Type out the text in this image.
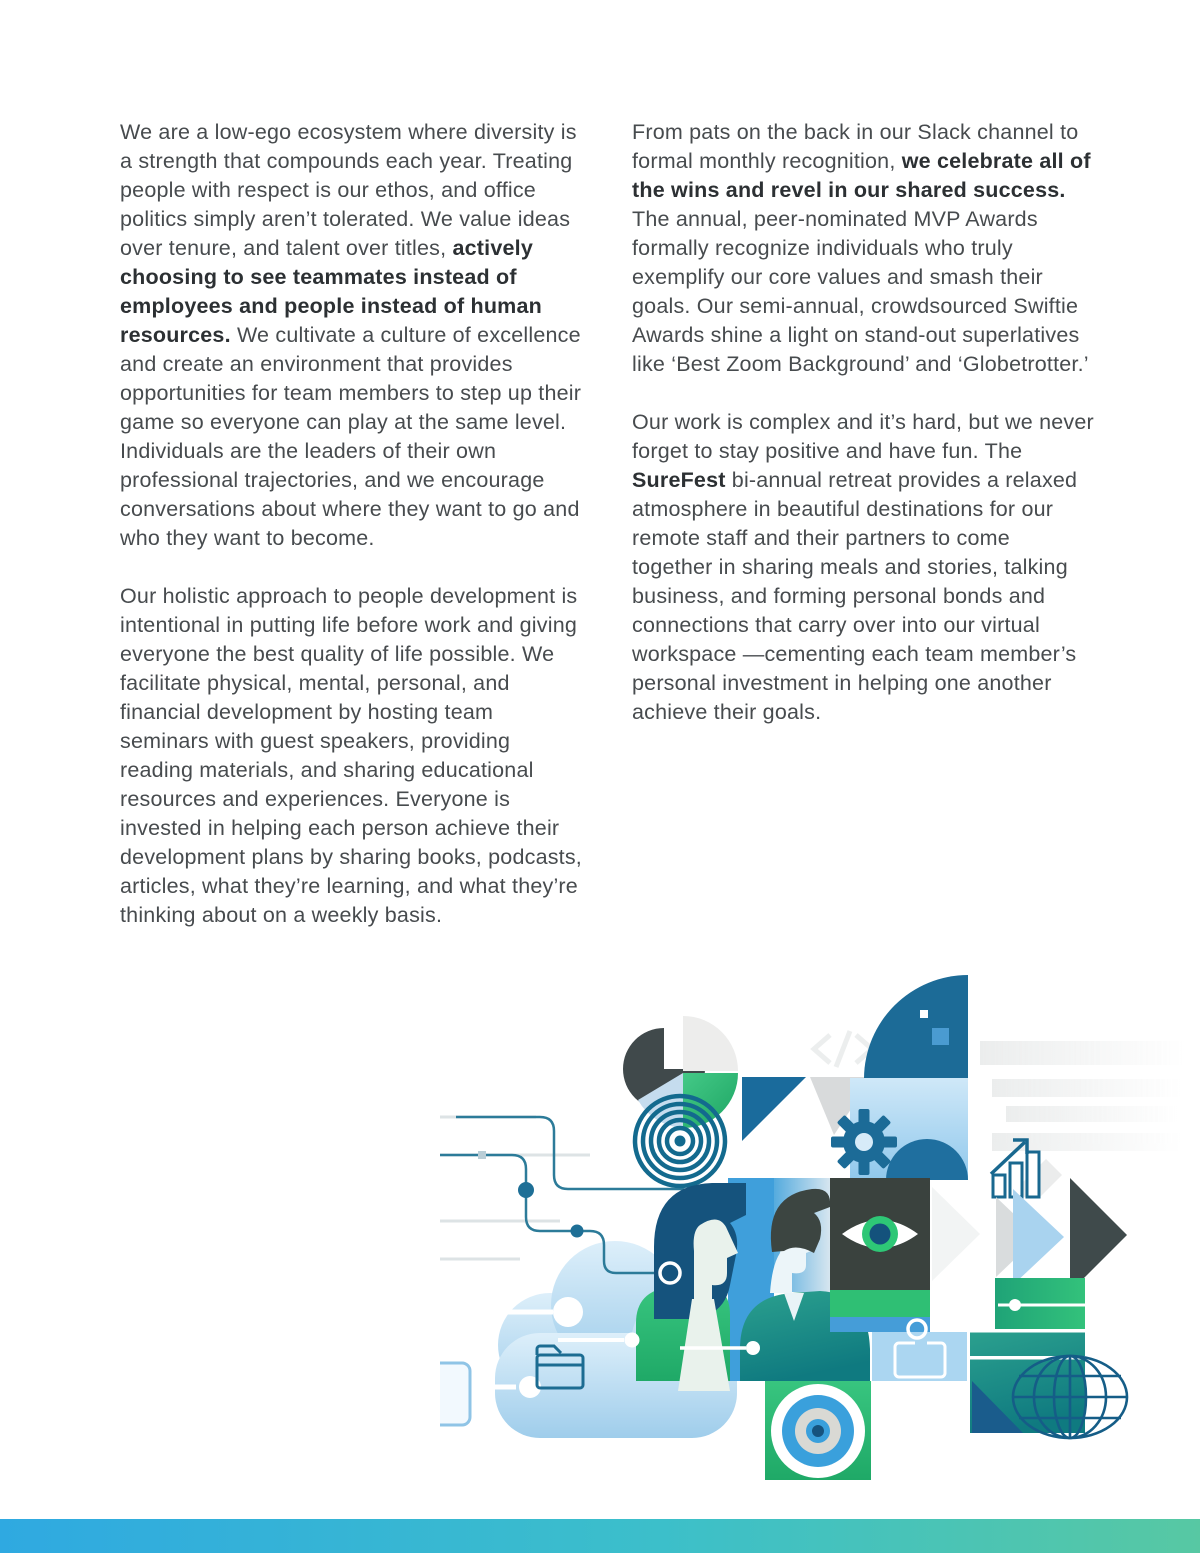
We are a low-ego ecosystem where diversity is a strength that compounds each year. Treating people with respect is our ethos, and office politics simply aren’t tolerated. We value ideas over tenure, and talent over titles, actively choosing to see teammates instead of employees and people instead of human resources. We cultivate a culture of excellence and create an environment that provides opportunities for team members to step up their game so everyone can play at the same level. Individuals are the leaders of their own professional trajectories, and we encourage conversations about where they want to go and who they want to become.

Our holistic approach to people development is intentional in putting life before work and giving everyone the best quality of life possible. We facilitate physical, mental, personal, and financial development by hosting team seminars with guest speakers, providing reading materials, and sharing educational resources and experiences. Everyone is invested in helping each person achieve their development plans by sharing books, podcasts, articles, what they’re learning, and what they’re thinking about on a weekly basis.

From pats on the back in our Slack channel to formal monthly recognition, we celebrate all of the wins and revel in our shared success. The annual, peer-nominated MVP Awards formally recognize individuals who truly exemplify our core values and smash their goals. Our semi-annual, crowdsourced Swiftie Awards shine a light on stand-out superlatives like ‘Best Zoom Background’ and ‘Globetrotter.’

Our work is complex and it’s hard, but we never forget to stay positive and have fun. The SureFest bi-annual retreat provides a relaxed atmosphere in beautiful destinations for our remote staff and their partners to come together in sharing meals and stories, talking business, and forming personal bonds and connections that carry over into our virtual workspace —cementing each team member’s personal investment in helping one another achieve their goals.
